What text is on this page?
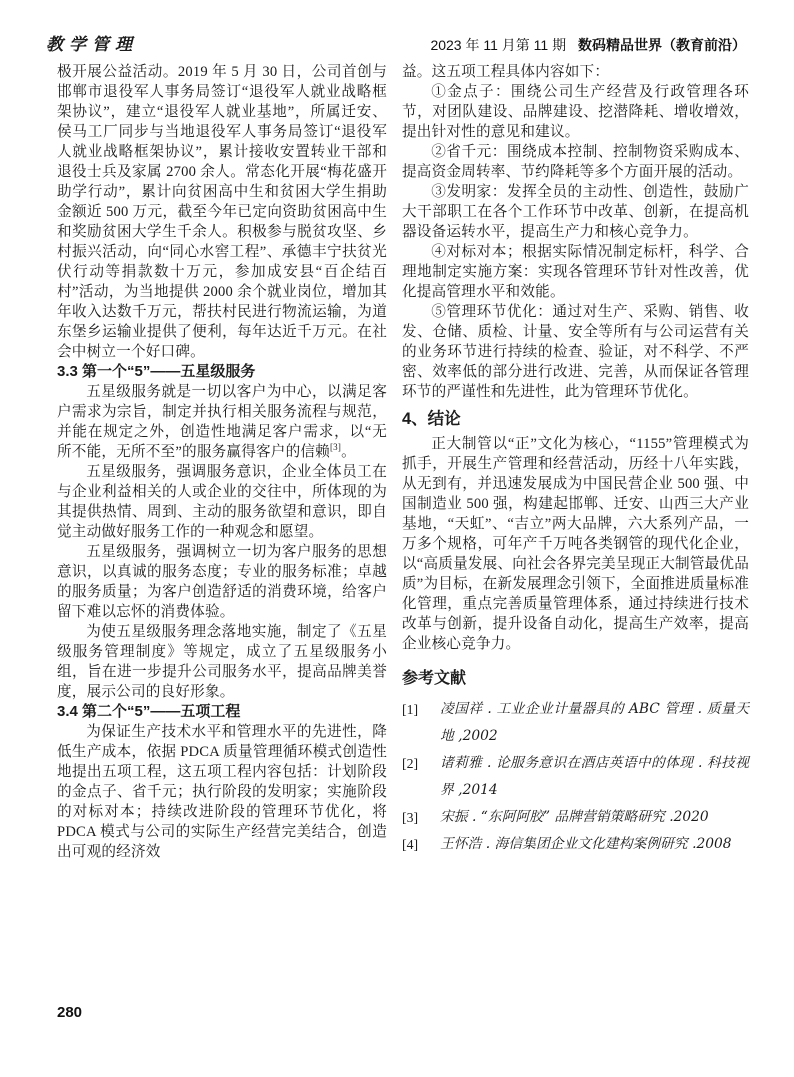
教学管理	2023 年 11 月第 11 期 数码精品世界（教育前沿）

极开展公益活动。2019 年 5 月 30 日，公司首创与邯郸市退役军人事务局签订“退役军人就业战略框架协议”，建立“退役军人就业基地”，所属迁安、侯马工厂同步与当地退役军人事务局签订“退役军人就业战略框架协议”，累计接收安置转业干部和退役士兵及家属 2700 余人。常态化开展“梅花盛开助学行动”，累计向贫困高中生和贫困大学生捐助金额近 500 万元，截至今年已定向资助贫困高中生和奖励贫困大学生千余人。积极参与脱贫攻坚、乡村振兴活动，向“同心水窖工程”、承德丰宁扶贫光伏行动等捐款数十万元，参加成安县“百企结百村”活动，为当地提供 2000 余个就业岗位，增加其年收入达数千万元，帮扶村民进行物流运输，为道东堡乡运输业提供了便利，每年达近千万元。在社会中树立一个好口碑。

3.3 第一个“5”——五星级服务

五星级服务就是一切以客户为中心，以满足客户需求为宗旨，制定并执行相关服务流程与规范，并能在规定之外，创造性地满足客户需求，以“无所不能，无所不至”的服务赢得客户的信赖[3]。

五星级服务，强调服务意识，企业全体员工在与企业利益相关的人或企业的交往中，所体现的为其提供热情、周到、主动的服务欲望和意识，即自觉主动做好服务工作的一种观念和愿望。

五星级服务，强调树立一切为客户服务的思想意识，以真诚的服务态度；专业的服务标准；卓越的服务质量；为客户创造舒适的消费环境，给客户留下难以忘怀的消费体验。

为使五星级服务理念落地实施，制定了《五星级服务管理制度》等规定，成立了五星级服务小组，旨在进一步提升公司服务水平，提高品牌美誉度，展示公司的良好形象。

3.4 第二个“5”——五项工程

为保证生产技术水平和管理水平的先进性，降低生产成本，依据 PDCA 质量管理循环模式创造性地提出五项工程，这五项工程内容包括：计划阶段的金点子、省千元；执行阶段的发明家；实施阶段的对标对本；持续改进阶段的管理环节优化，将 PDCA 模式与公司的实际生产经营完美结合，创造出可观的经济效

益。这五项工程具体内容如下：

①金点子：围绕公司生产经营及行政管理各环节，对团队建设、品牌建设、挖潜降耗、增收增效，提出针对性的意见和建议。

②省千元：围绕成本控制、控制物资采购成本、提高资金周转率、节约降耗等多个方面开展的活动。

③发明家：发挥全员的主动性、创造性，鼓励广大干部职工在各个工作环节中改革、创新，在提高机器设备运转水平，提高生产力和核心竞争力。

④对标对本；根据实际情况制定标杆，科学、合理地制定实施方案：实现各管理环节针对性改善，优化提高管理水平和效能。

⑤管理环节优化：通过对生产、采购、销售、收发、仓储、质检、计量、安全等所有与公司运营有关的业务环节进行持续的检查、验证，对不科学、不严密、效率低的部分进行改进、完善，从而保证各管理环节的严谨性和先进性，此为管理环节优化。

4、结论

正大制管以“正”文化为核心，“1155”管理模式为抓手，开展生产管理和经营活动，历经十八年实践，从无到有，并迅速发展成为中国民营企业 500 强、中国制造业 500 强，构建起邯郸、迁安、山西三大产业基地，“天虹”、“吉立”两大品牌，六大系列产品，一万多个规格，可年产千万吨各类钢管的现代化企业，以“高质量发展、向社会各界完美呈现正大制管最优品质”为目标，在新发展理念引领下，全面推进质量标准化管理，重点完善质量管理体系，通过持续进行技术改革与创新，提升设备自动化，提高生产效率，提高企业核心竞争力。

参考文献

[1]	凌国祥 . 工业企业计量器具的 ABC 管理 . 质量天地 ,2002

[2]	诸莉雅 . 论服务意识在酒店英语中的体现 . 科技视界 ,2014

[3]	宋振 . “东阿阿胶” 品牌营销策略研究 .2020

[4]	王怀浩 . 海信集团企业文化建构案例研究 .2008

280
